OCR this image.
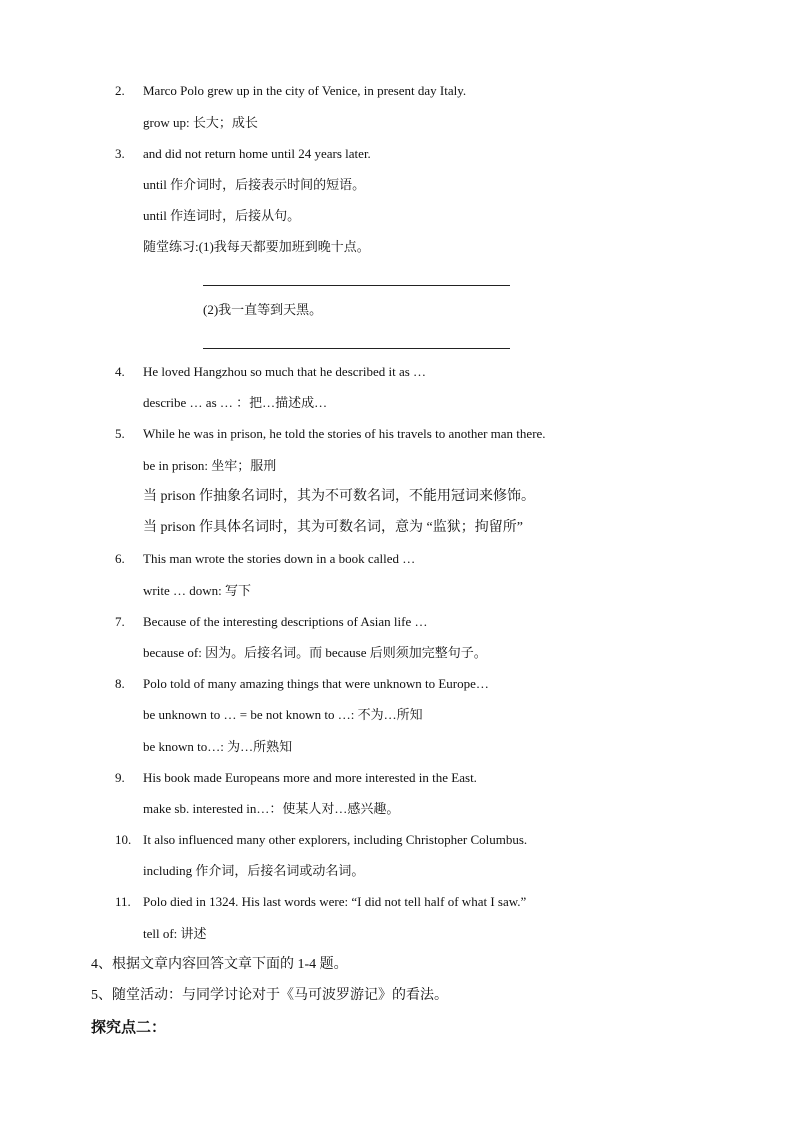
2. Marco Polo grew up in the city of Venice, in present day Italy.
grow up: 长大；成长
3. and did not return home until 24 years later.
until 作介词时，后接表示时间的短语。
until 作连词时，后接从句。
随堂练习:(1)我每天都要加班到晚十点。
(2)我一直等到天黑。
4. He loved Hangzhou so much that he described it as …
describe … as … ：把…描述成…
5. While he was in prison, he told the stories of his travels to another man there.
be in prison: 坐牢；服刑
当 prison 作抽象名词时，其为不可数名词，不能用冠词来修饰。
当 prison 作具体名词时，其为可数名词，意为 “监狱；拘留所”
6. This man wrote the stories down in a book called …
write … down: 写下
7. Because of the interesting descriptions of Asian life …
because of: 因为。后接名词。而 because 后则须加完整句子。
8. Polo told of many amazing things that were unknown to Europe…
be unknown to … = be not known to …: 不为…所知
be known to…: 为…所熟知
9. His book made Europeans more and more interested in the East.
make sb. interested in…：使某人对…感兴趣。
10. It also influenced many other explorers, including Christopher Columbus.
including 作介词，后接名词或动名词。
11. Polo died in 1324. His last words were: “I did not tell half of what I saw.”
tell of: 讲述
4、根据文章内容回答文章下面的 1-4 题。
5、随堂活动：与同学讨论对于《马可波罗游记》的看法。
探究点二：
